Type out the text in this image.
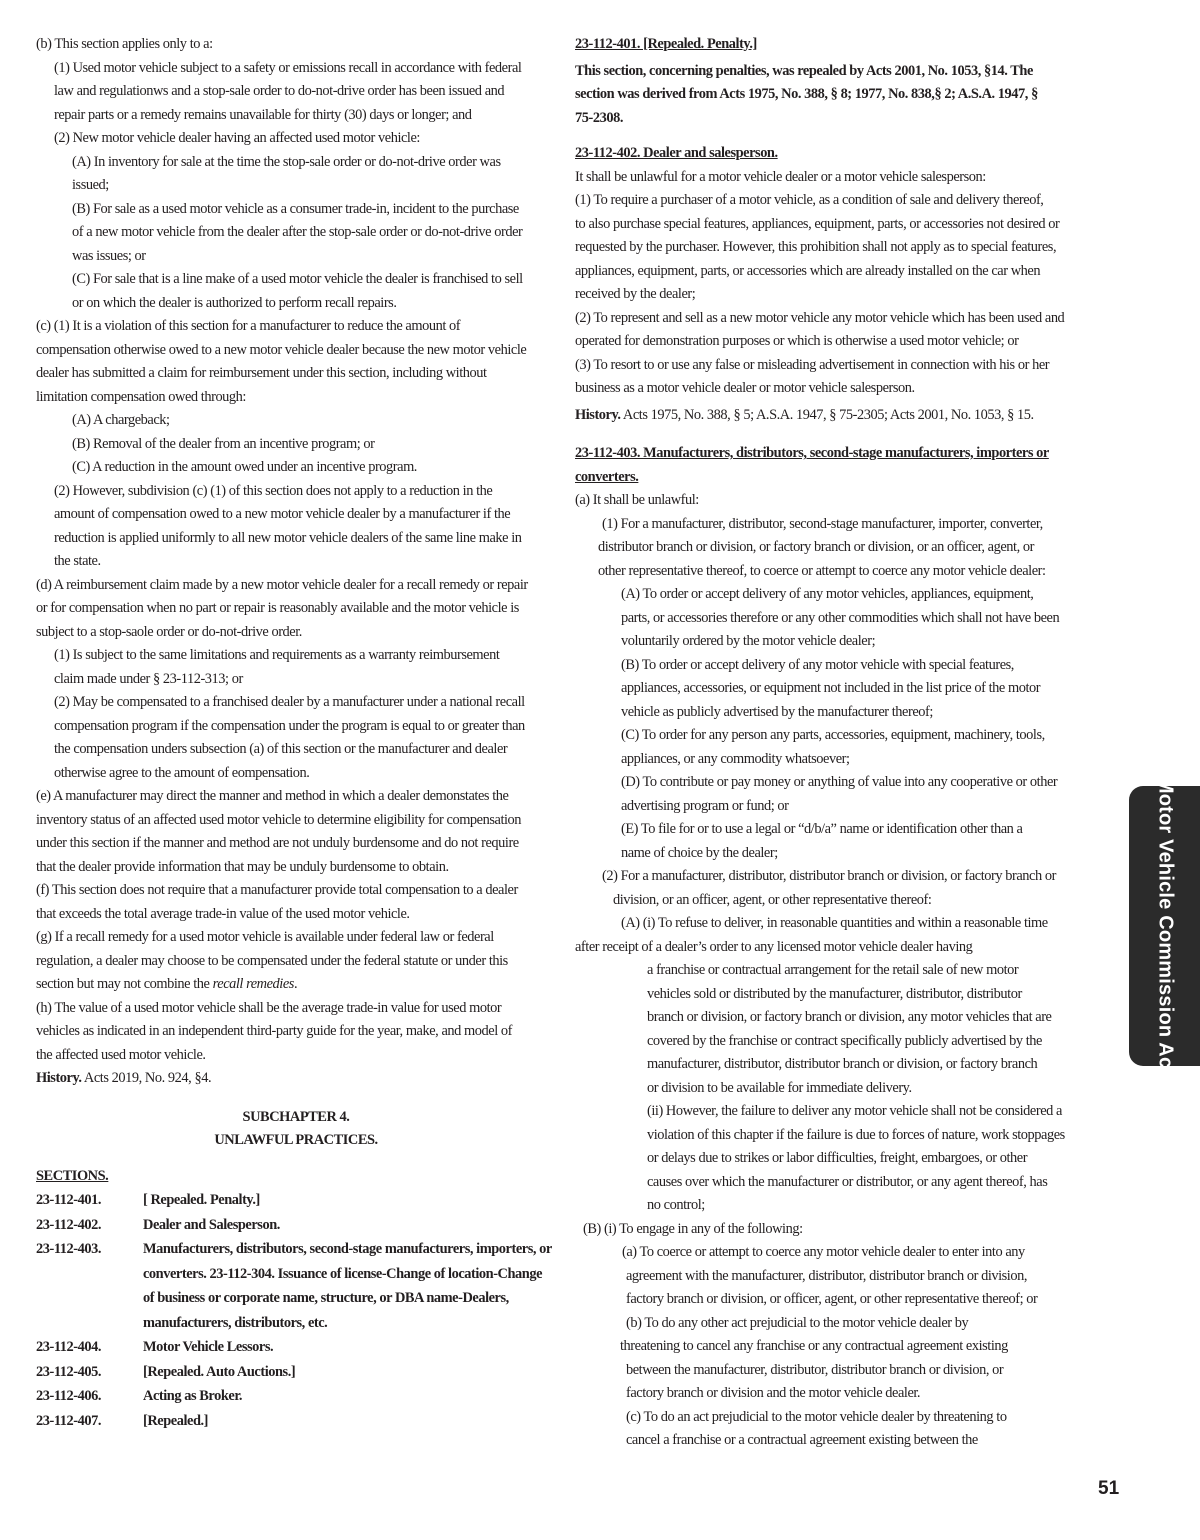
(b) This section applies only to a:
(1) Used motor vehicle subject to a safety or emissions recall in accordance with federal
law and regulationws and a stop-sale order to do-not-drive order has been issued and
repair parts or a remedy remains unavailable for thirty (30) days or longer; and
(2) New motor vehicle dealer having an affected used motor vehicle:
(A) In inventory for sale at the time the stop-sale order or do-not-drive order was
issued;
(B) For sale as a used motor vehicle as a consumer trade-in, incident to the purchase
of a new motor vehicle from the dealer after the stop-sale order or do-not-drive order
was issues; or
(C) For sale that is a line make of a used motor vehicle the dealer is franchised to sell
or on which the dealer is authorized to perform recall repairs.
(c) (1) It is a violation of this section for a manufacturer to reduce the amount of
compensation otherwise owed to a new motor vehicle dealer because the new motor vehicle
dealer has submitted a claim for reimbursement under this section, including without
limitation compensation owed through:
(A) A chargeback;
(B) Removal of the dealer from an incentive program; or
(C) A reduction in the amount owed under an incentive program.
(2) However, subdivision (c) (1) of this section does not apply to a reduction in the
amount of compensation owed to a new motor vehicle dealer by a manufacturer if the
reduction is applied uniformly to all new motor vehicle dealers of the same line make in
the state.
(d) A reimbursement claim made by a new motor vehicle dealer for a recall remedy or repair
or for compensation when no part or repair is reasonably available and the motor vehicle is
subject to a stop-saole order or do-not-drive order.
(1) Is subject to the same limitations and requirements as a warranty reimbursement
claim made under § 23-112-313; or
(2) May be compensated to a franchised dealer by a manufacturer under a national recall
compensation program if the compensation under the program is equal to or greater than
the compensation unders subsection (a) of this section or the manufacturer and dealer
otherwise agree to the amount of eompensation.
(e) A manufacturer may direct the manner and method in which a dealer demonstates the
inventory status of an affected used motor vehicle to determine eligibility for compensation
under this section if the manner and method are not unduly burdensome and do not require
that the dealer provide information that may be unduly burdensome to obtain.
(f) This section does not require that a manufacturer provide total compensation to a dealer
that exceeds the total average trade-in value of the used motor vehicle.
(g) If a recall remedy for a used motor vehicle is available under federal law or federal
regulation, a dealer may choose to be compensated under the federal statute or under this
section but may not combine the recall remedies.
(h) The value of a used motor vehicle shall be the average trade-in value for used motor
vehicles as indicated in an independent third-party guide for the year, make, and model of
the affected used motor vehicle.
History. Acts 2019, No. 924, §4.
SUBCHAPTER 4.
UNLAWFUL PRACTICES.
SECTIONS.
23-112-401.	[ Repealed. Penalty.]
23-112-402.	Dealer and Salesperson.
23-112-403.	Manufacturers, distributors, second-stage manufacturers, importers, or converters. 23-112-304. Issuance of license-Change of location-Change of business or corporate name, structure, or DBA name-Dealers, manufacturers, distributors, etc.
23-112-404.	Motor Vehicle Lessors.
23-112-405.	[Repealed. Auto Auctions.]
23-112-406.	Acting as Broker.
23-112-407.	[Repealed.]
23-112-401. [Repealed. Penalty.]
This section, concerning penalties, was repealed by Acts 2001, No. 1053, §14. The
section was derived from Acts 1975, No. 388, § 8; 1977, No. 838,§ 2; A.S.A. 1947, §
75-2308.
23-112-402. Dealer and salesperson.
It shall be unlawful for a motor vehicle dealer or a motor vehicle salesperson:
(1) To require a purchaser of a motor vehicle, as a condition of sale and delivery thereof,
to also purchase special features, appliances, equipment, parts, or accessories not desired or
requested by the purchaser. However, this prohibition shall not apply as to special features,
appliances, equipment, parts, or accessories which are already installed on the car when
received by the dealer;
(2) To represent and sell as a new motor vehicle any motor vehicle which has been used and
operated for demonstration purposes or which is otherwise a used motor vehicle; or
(3) To resort to or use any false or misleading advertisement in connection with his or her
business as a motor vehicle dealer or motor vehicle salesperson.
History. Acts 1975, No. 388, § 5; A.S.A. 1947, § 75-2305; Acts 2001, No. 1053, § 15.
23-112-403. Manufacturers, distributors, second-stage manufacturers, importers or
converters.
(a) It shall be unlawful:
(1) For a manufacturer, distributor, second-stage manufacturer, importer, converter,
distributor branch or division, or factory branch or division, or an officer, agent, or
other representative thereof, to coerce or attempt to coerce any motor vehicle dealer:
(A) To order or accept delivery of any motor vehicles, appliances, equipment,
parts, or accessories therefore or any other commodities which shall not have been
voluntarily ordered by the motor vehicle dealer;
(B) To order or accept delivery of any motor vehicle with special features,
appliances, accessories, or equipment not included in the list price of the motor
vehicle as publicly advertised by the manufacturer thereof;
(C) To order for any person any parts, accessories, equipment, machinery, tools,
appliances, or any commodity whatsoever;
(D) To contribute or pay money or anything of value into any cooperative or other
advertising program or fund; or
(E) To file for or to use a legal or “d/b/a” name or identification other than a
name of choice by the dealer;
(2) For a manufacturer, distributor, distributor branch or division, or factory branch or
division, or an officer, agent, or other representative thereof:
(A) (i) To refuse to deliver, in reasonable quantities and within a reasonable time
after receipt of a dealer’s order to any licensed motor vehicle dealer having
a franchise or contractual arrangement for the retail sale of new motor
vehicles sold or distributed by the manufacturer, distributor, distributor
branch or division, or factory branch or division, any motor vehicles that are
covered by the franchise or contract specifically publicly advertised by the
manufacturer, distributor, distributor branch or division, or factory branch
or division to be available for immediate delivery.
(ii) However, the failure to deliver any motor vehicle shall not be considered a
violation of this chapter if the failure is due to forces of nature, work stoppages
or delays due to strikes or labor difficulties, freight, embargoes, or other
causes over which the manufacturer or distributor, or any agent thereof, has
no control;
(B) (i) To engage in any of the following:
(a) To coerce or attempt to coerce any motor vehicle dealer to enter into any
agreement with the manufacturer, distributor, distributor branch or division,
factory branch or division, or officer, agent, or other representative thereof; or
(b) To do any other act prejudicial to the motor vehicle dealer by
threatening to cancel any franchise or any contractual agreement existing
between the manufacturer, distributor, distributor branch or division, or
factory branch or division and the motor vehicle dealer.
(c) To do an act prejudicial to the motor vehicle dealer by threatening to
cancel a franchise or a contractual agreement existing between the
Motor Vehicle Commission Act
51
